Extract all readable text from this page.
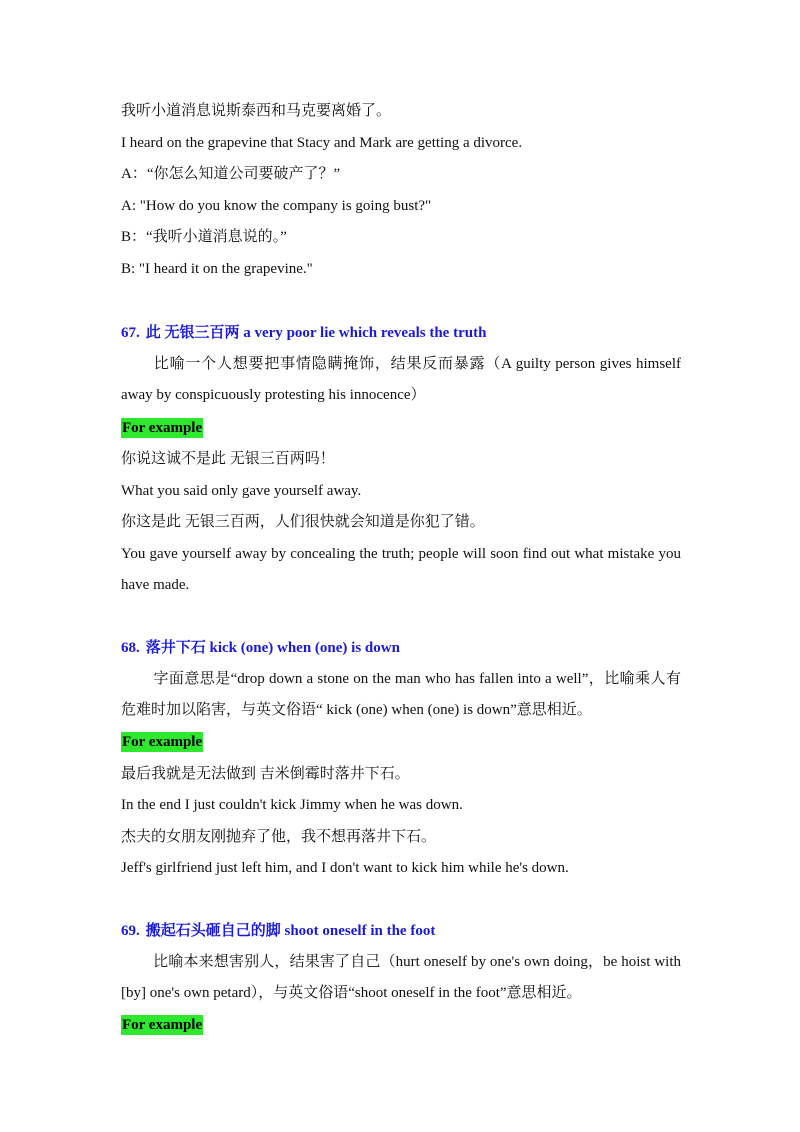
我听小道消息说斯泰西和马克要离婚了。
I heard on the grapevine that Stacy and Mark are getting a divorce.
A：“你怎么知道公司要破产了？”
A: "How do you know the company is going bust?"
B：“我听小道消息说的。”
B: "I heard it on the grapevine."
67. 此 无银三百两 a very poor lie which reveals the truth
比喻一个人想要把事情隐瞒掩饰，结果反而暴露（A guilty person gives himself away by conspicuously protesting his innocence）
For example
你说这诚不是此 无银三百两吗！
What you said only gave yourself away.
你这是此 无银三百两，人们很快就会知道是你犯了错。
You gave yourself away by concealing the truth; people will soon find out what mistake you have made.
68. 落井下石 kick (one) when (one) is down
字面意思是“drop down a stone on the man who has fallen into a well”，比喻乘人有危难时加以陷害，与英文俗语“ kick (one) when (one) is down”意思相近。
For example
最后我就是无法做到 吉米倒霉时落井下石。
In the end I just couldn't kick Jimmy when he was down.
杰夫的女朋友刚抛弃了他，我不想再落井下石。
Jeff's girlfriend just left him, and I don't want to kick him while he's down.
69. 搬起石头砸自己的脚 shoot oneself in the foot
比喻本来想害别人，结果害了自己（hurt oneself by one's own doing，be hoist with [by] one's own petard），与英文俗语“shoot oneself in the foot”意思相近。
For example
